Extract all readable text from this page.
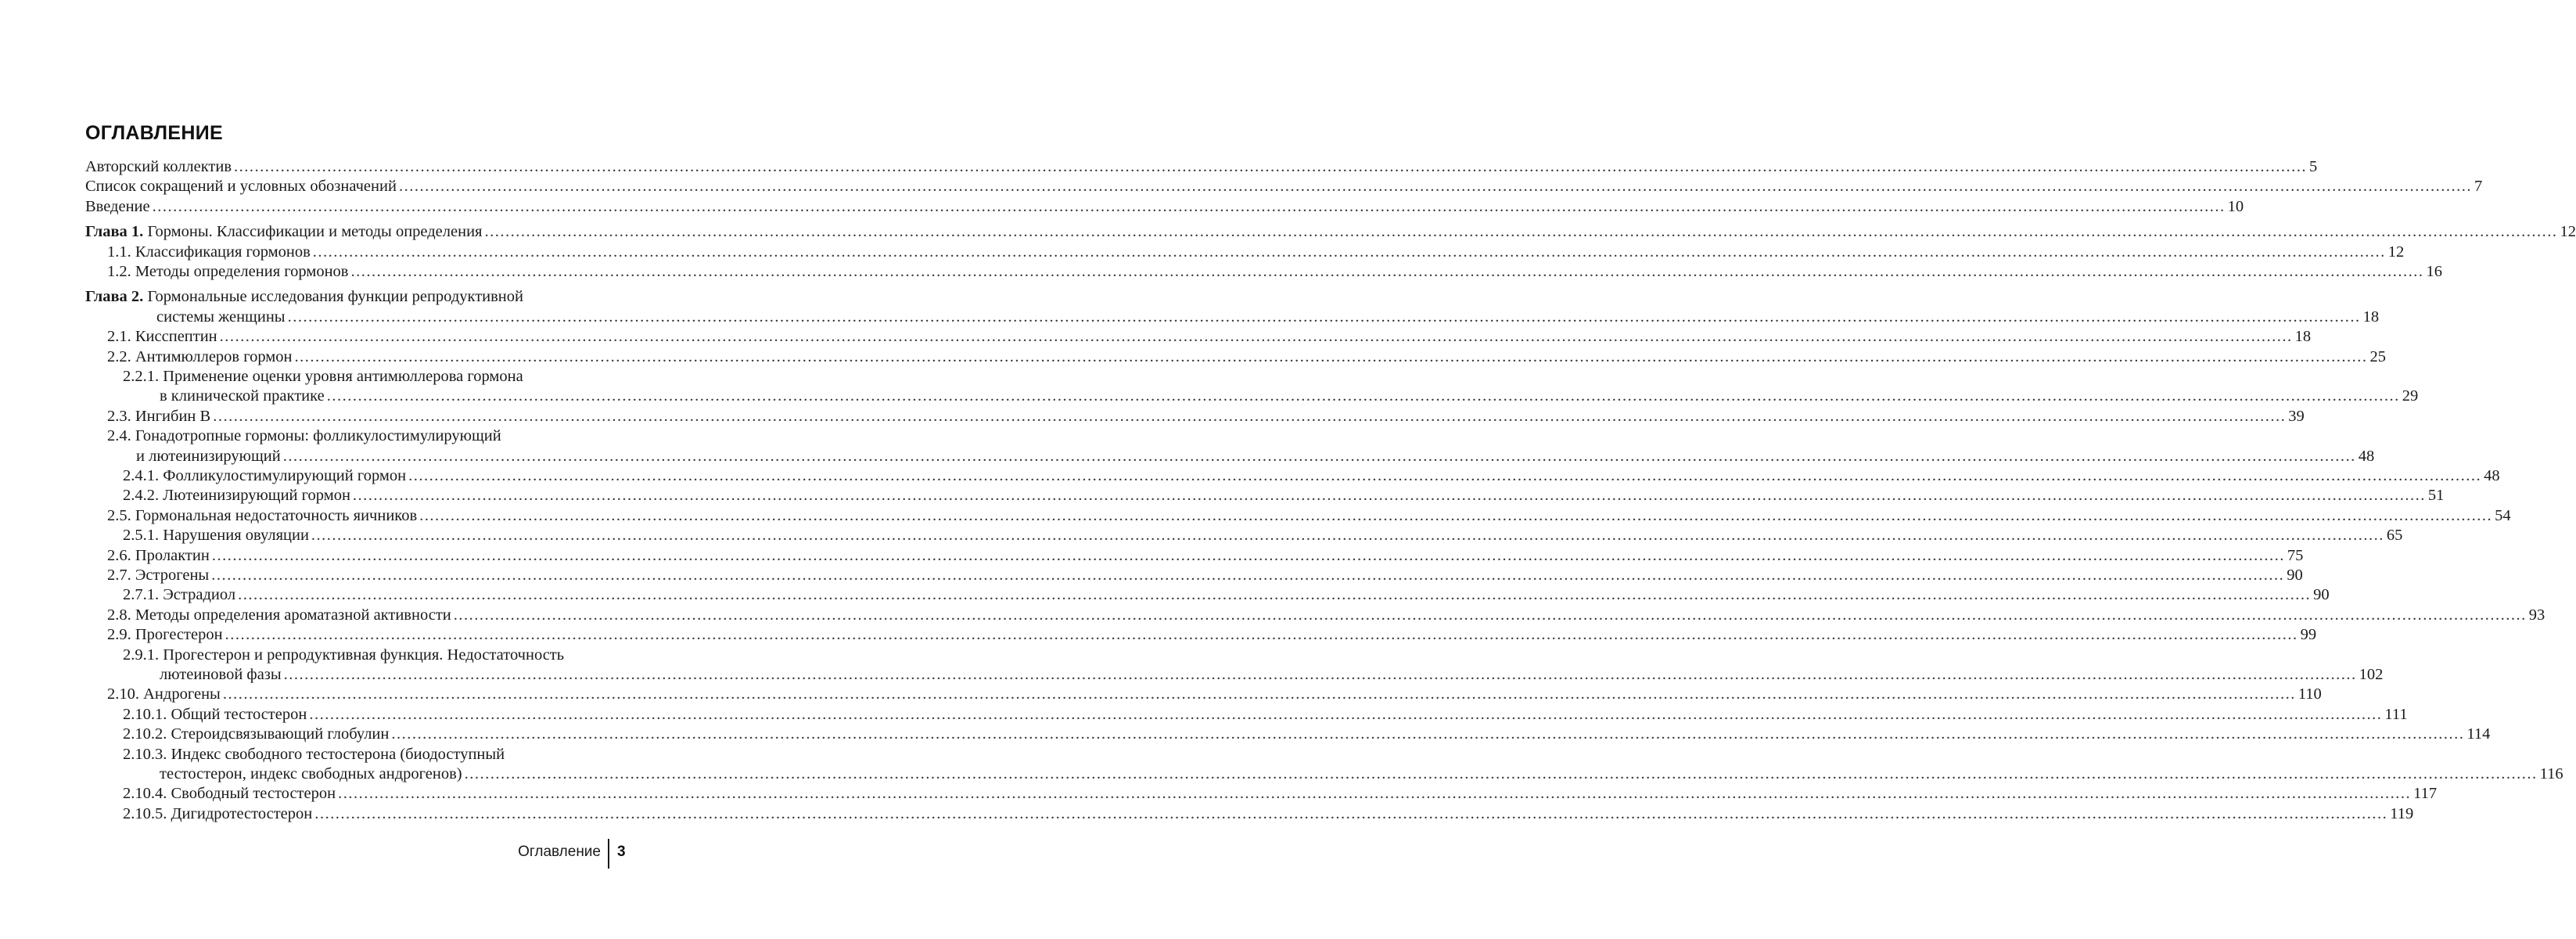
ОГЛАВЛЕНИЕ
Авторский коллектив ................................................................................................................................................................................................................................................................................................................................................................................................................ 5
Список сокращений и условных обозначений ................................................................................................................................................................................................................................................................................................................................................................................................................ 7
Введение ................................................................................................................................................................................................................................................................................................................................................................................................................ 10
Глава 1. Гормоны. Классификации и методы определения ................................................................................................................................................................................................................................................................................................................................................................................................................ 12
1.1. Классификация гормонов ................................................................................................................................................................................................................................................................................................................................................................................................................ 12
1.2. Методы определения гормонов ................................................................................................................................................................................................................................................................................................................................................................................................................ 16
Глава 2. Гормональные исследования функции репродуктивной
системы женщины ................................................................................................................................................................................................................................................................................................................................................................................................................ 18
2.1. Кисспептин ................................................................................................................................................................................................................................................................................................................................................................................................................ 18
2.2. Антимюллеров гормон ................................................................................................................................................................................................................................................................................................................................................................................................................ 25
2.2.1. Применение оценки уровня антимюллерова гормона
в клинической практике ................................................................................................................................................................................................................................................................................................................................................................................................................ 29
2.3. Ингибин В ................................................................................................................................................................................................................................................................................................................................................................................................................ 39
2.4. Гонадотропные гормоны: фолликулостимулирующий
и лютеинизирующий ................................................................................................................................................................................................................................................................................................................................................................................................................ 48
2.4.1. Фолликулостимулирующий гормон ................................................................................................................................................................................................................................................................................................................................................................................................................ 48
2.4.2. Лютеинизирующий гормон ................................................................................................................................................................................................................................................................................................................................................................................................................ 51
2.5. Гормональная недостаточность яичников ................................................................................................................................................................................................................................................................................................................................................................................................................ 54
2.5.1. Нарушения овуляции ................................................................................................................................................................................................................................................................................................................................................................................................................ 65
2.6. Пролактин ................................................................................................................................................................................................................................................................................................................................................................................................................ 75
2.7. Эстрогены ................................................................................................................................................................................................................................................................................................................................................................................................................ 90
2.7.1. Эстрадиол ................................................................................................................................................................................................................................................................................................................................................................................................................ 90
2.8. Методы определения ароматазной активности ................................................................................................................................................................................................................................................................................................................................................................................................................ 93
2.9. Прогестерон ................................................................................................................................................................................................................................................................................................................................................................................................................ 99
2.9.1. Прогестерон и репродуктивная функция. Недостаточность
лютеиновой фазы ................................................................................................................................................................................................................................................................................................................................................................................................................ 102
2.10. Андрогены ................................................................................................................................................................................................................................................................................................................................................................................................................ 110
2.10.1. Общий тестостерон ................................................................................................................................................................................................................................................................................................................................................................................................................ 111
2.10.2. Стероидсвязывающий глобулин ................................................................................................................................................................................................................................................................................................................................................................................................................ 114
2.10.3. Индекс свободного тестостерона (биодоступный
тестостерон, индекс свободных андрогенов) ................................................................................................................................................................................................................................................................................................................................................................................................................ 116
2.10.4. Свободный тестостерон ................................................................................................................................................................................................................................................................................................................................................................................................................ 117
2.10.5. Дигидротестостерон ................................................................................................................................................................................................................................................................................................................................................................................................................ 119
Оглавление 3
